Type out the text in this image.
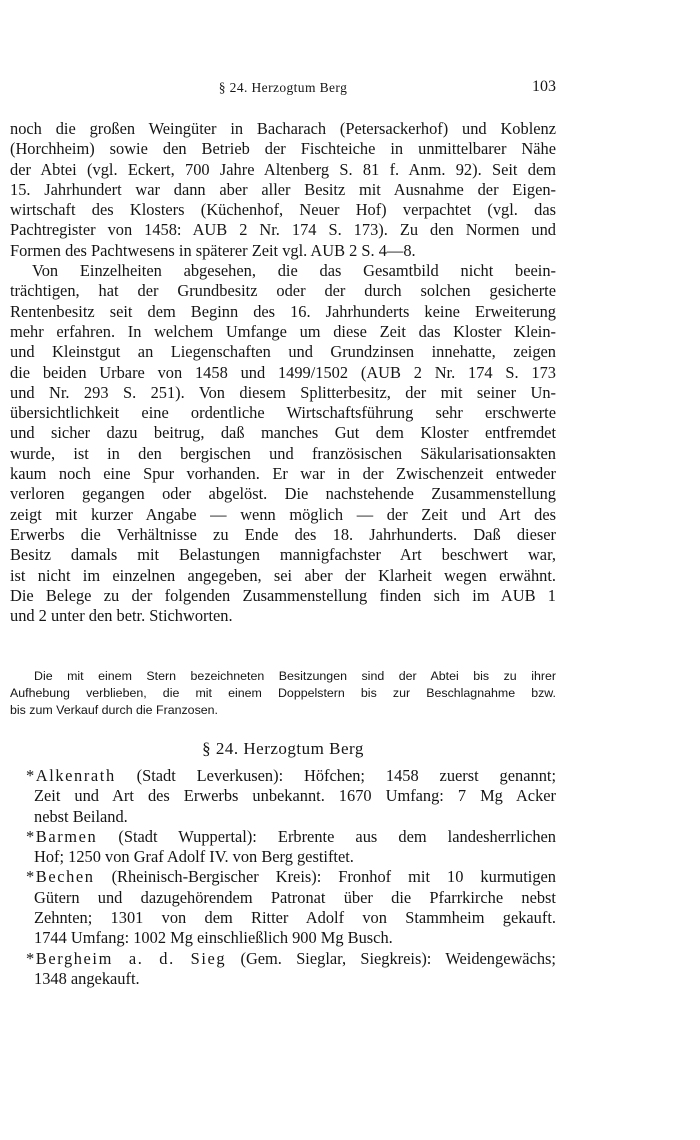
§ 24. Herzogtum Berg	103
noch die großen Weingüter in Bacharach (Petersackerhof) und Koblenz
(Horchheim) sowie den Betrieb der Fischteiche in unmittelbarer Nähe
der Abtei (vgl. Eckert, 700 Jahre Altenberg S. 81 f. Anm. 92). Seit dem
15. Jahrhundert war dann aber aller Besitz mit Ausnahme der Eigen-
wirtschaft des Klosters (Küchenhof, Neuer Hof) verpachtet (vgl. das
Pachtregister von 1458: AUB 2 Nr. 174 S. 173). Zu den Normen und
Formen des Pachtwesens in späterer Zeit vgl. AUB 2 S. 4—8.
Von Einzelheiten abgesehen, die das Gesamtbild nicht beein-
trächtigen, hat der Grundbesitz oder der durch solchen gesicherte
Rentenbesitz seit dem Beginn des 16. Jahrhunderts keine Erweiterung
mehr erfahren. In welchem Umfange um diese Zeit das Kloster Klein-
und Kleinstgut an Liegenschaften und Grundzinsen innehatte, zeigen
die beiden Urbare von 1458 und 1499/1502 (AUB 2 Nr. 174 S. 173
und Nr. 293 S. 251). Von diesem Splitterbesitz, der mit seiner Un-
übersichtlichkeit eine ordentliche Wirtschaftsführung sehr erschwerte
und sicher dazu beitrug, daß manches Gut dem Kloster entfremdet
wurde, ist in den bergischen und französischen Säkularisationsakten
kaum noch eine Spur vorhanden. Er war in der Zwischenzeit entweder
verloren gegangen oder abgelöst. Die nachstehende Zusammenstellung
zeigt mit kurzer Angabe — wenn möglich — der Zeit und Art des
Erwerbs die Verhältnisse zu Ende des 18. Jahrhunderts. Daß dieser
Besitz damals mit Belastungen mannigfachster Art beschwert war,
ist nicht im einzelnen angegeben, sei aber der Klarheit wegen erwähnt.
Die Belege zu der folgenden Zusammenstellung finden sich im AUB 1
und 2 unter den betr. Stichworten.
Die mit einem Stern bezeichneten Besitzungen sind der Abtei bis zu ihrer
Aufhebung verblieben, die mit einem Doppelstern bis zur Beschlagnahme bzw.
bis zum Verkauf durch die Franzosen.
§ 24. Herzogtum Berg
*Alkenrath (Stadt Leverkusen): Höfchen; 1458 zuerst genannt;
Zeit und Art des Erwerbs unbekannt. 1670 Umfang: 7 Mg Acker
nebst Beiland.
*Barmen (Stadt Wuppertal): Erbrente aus dem landesherrlichen
Hof; 1250 von Graf Adolf IV. von Berg gestiftet.
*Bechen (Rheinisch-Bergischer Kreis): Fronhof mit 10 kurmutigen
Gütern und dazugehörendem Patronat über die Pfarrkirche nebst
Zehnten; 1301 von dem Ritter Adolf von Stammheim gekauft.
1744 Umfang: 1002 Mg einschließlich 900 Mg Busch.
*Bergheim a. d. Sieg (Gem. Sieglar, Siegkreis): Weidengewächs;
1348 angekauft.
